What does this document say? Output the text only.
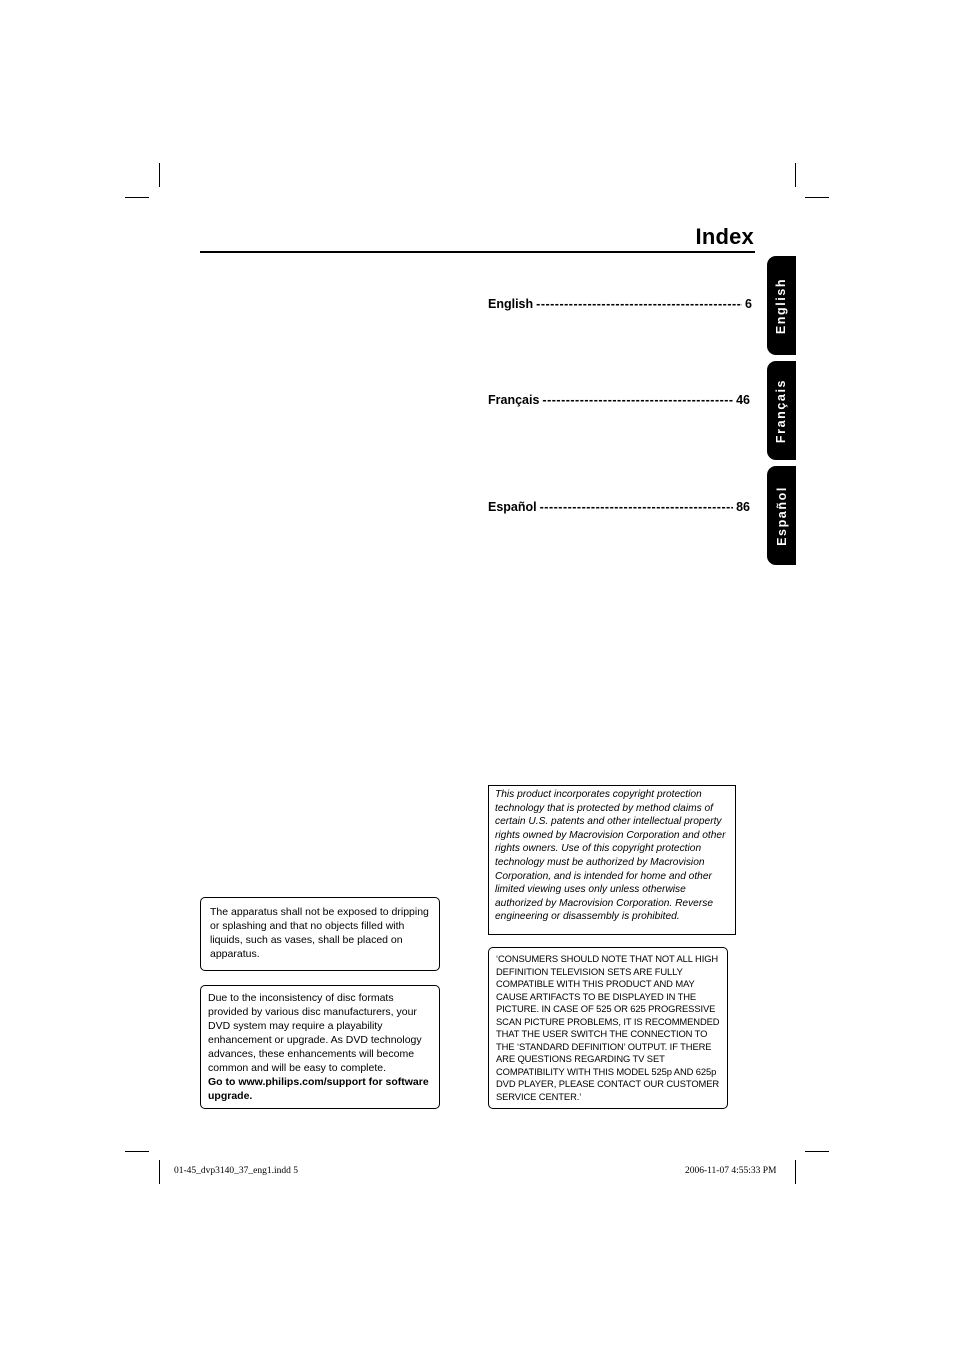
Index
English -----	6
Français -----	46
Español -----	86
English
Français
Español

The apparatus shall not be exposed to dripping or splashing and that no objects filled with liquids, such as vases, shall be placed on apparatus.

Due to the inconsistency of disc formats provided by various disc manufacturers, your DVD system may require a playability enhancement or upgrade. As DVD technology advances, these enhancements will become common and will be easy to complete.

Go to www.philips.com/support for software upgrade.

This product incorporates copyright protection technology that is protected by method claims of certain U.S. patents and other intellectual property rights owned by Macrovision Corporation and other rights owners. Use of this copyright protection technology must be authorized by Macrovision Corporation, and is intended for home and other limited viewing uses only unless otherwise authorized by Macrovision Corporation. Reverse engineering or disassembly is prohibited.

‘CONSUMERS SHOULD NOTE THAT NOT ALL HIGH DEFINITION TELEVISION SETS ARE FULLY COMPATIBLE WITH THIS PRODUCT AND MAY CAUSE ARTIFACTS TO BE DISPLAYED IN THE PICTURE. IN CASE OF 525 OR 625 PROGRESSIVE SCAN PICTURE PROBLEMS, IT IS RECOMMENDED THAT THE USER SWITCH THE CONNECTION TO THE ‘STANDARD DEFINITION’ OUTPUT. IF THERE ARE QUESTIONS REGARDING TV SET COMPATIBILITY WITH THIS MODEL 525p AND 625p DVD PLAYER, PLEASE CONTACT OUR CUSTOMER SERVICE CENTER.’

01-45_dvp3140_37_eng1.indd 5	2006-11-07 4:55:33 PM
